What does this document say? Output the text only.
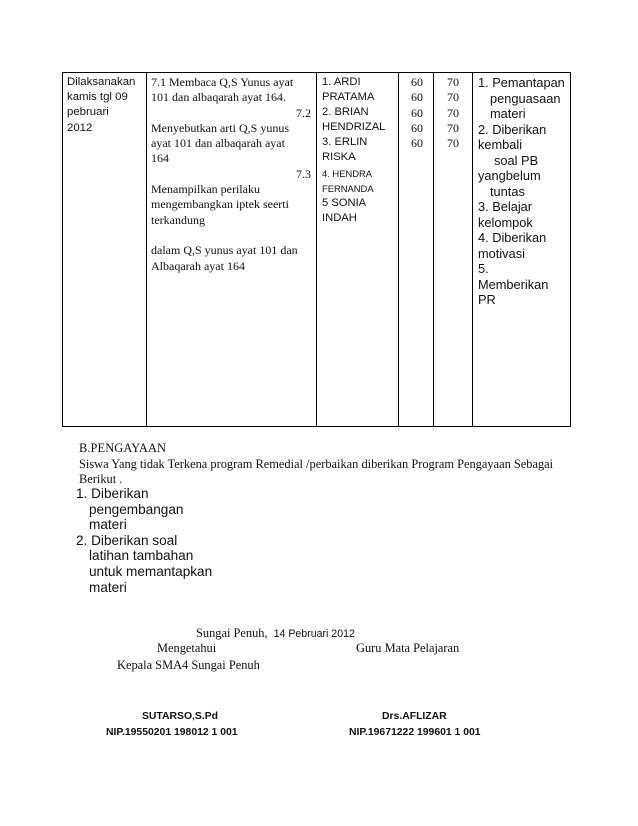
Dilaksanakan
kamis tgl 09
pebruari
2012
7.1 Membaca Q,S Yunus ayat
101 dan albaqarah ayat 164.
7.2
Menyebutkan arti Q,S yunus
ayat 101 dan albaqarah ayat
164
7.3
Menampilkan perilaku
mengembangkan iptek seerti
terkandung
dalam Q,S yunus ayat 101 dan
Albaqarah ayat 164
1. ARDI
PRATAMA
2. BRIAN
HENDRIZAL
3. ERLIN
RISKA
4. HENDRA
FERNANDA
5 SONIA
INDAH
60
60
60
60
60
70
70
70
70
70
1. Pemantapan
penguasaan
materi
2. Diberikan
kembali
soal PB
yangbelum
tuntas
3. Belajar
kelompok
4. Diberikan
motivasi
5.
Memberikan
PR
B.PENGAYAAN
Siswa Yang tidak Terkena program Remedial /perbaikan diberikan Program Pengayaan Sebagai
Berikut .
1. Diberikan
pengembangan
materi
2. Diberikan soal
latihan tambahan
untuk memantapkan
materi
Sungai Penuh, 14 Pebruari 2012
Mengetahui	Guru Mata Pelajaran
Kepala SMA4 Sungai Penuh
SUTARSO,S.Pd
NIP.19550201 198012 1 001
Drs.AFLIZAR
NIP.19671222 199601 1 001
